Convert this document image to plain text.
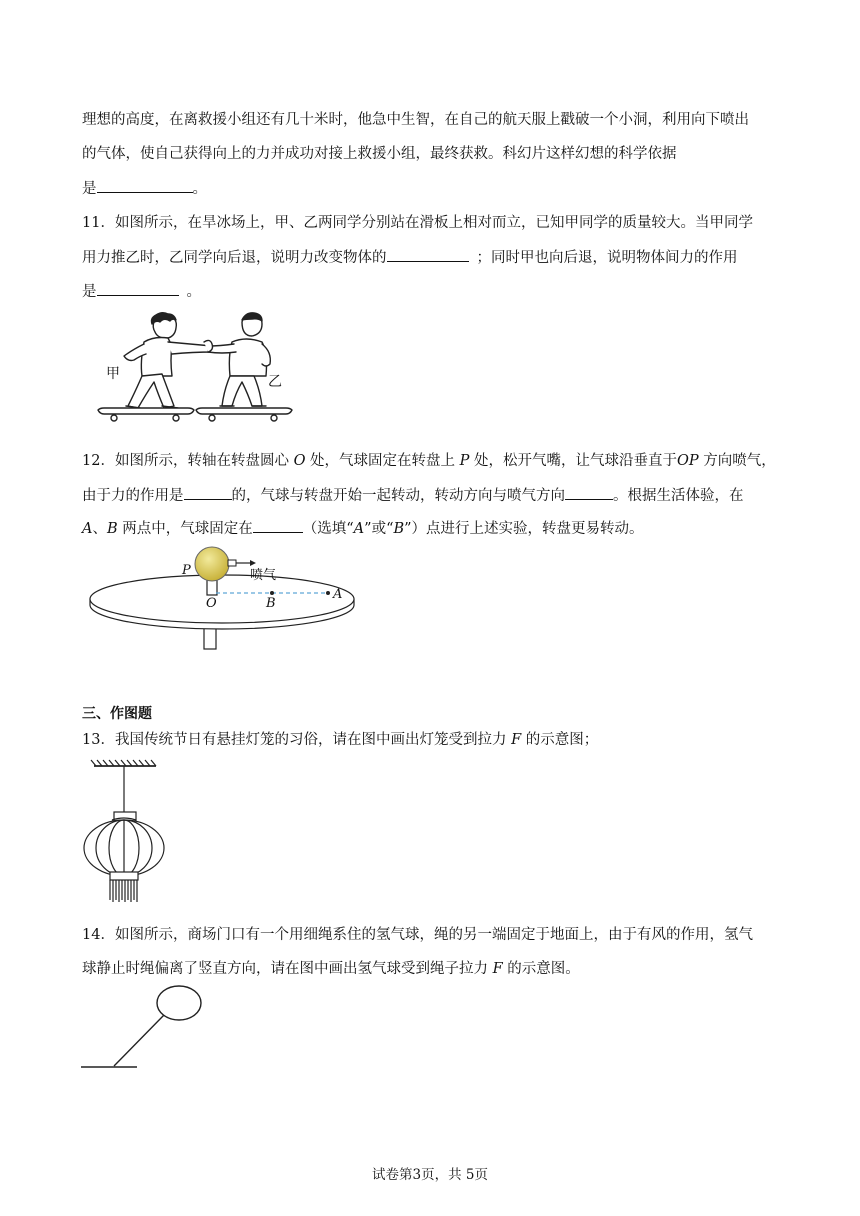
理想的高度，在离救援小组还有几十米时，他急中生智，在自己的航天服上戳破一个小洞，利用向下喷出
的气体，使自己获得向上的力并成功对接上救援小组，最终获救。科幻片这样幻想的科学依据
是	。
11．如图所示，在旱冰场上，甲、乙两同学分别站在滑板上相对而立，已知甲同学的质量较大。当甲同学
用力推乙时，乙同学向后退，说明力改变物体的	；同时甲也向后退，说明物体间力的作用
是	。
甲	乙
12．如图所示，转轴在转盘圆心 O 处，气球固定在转盘上 P 处，松开气嘴，让气球沿垂直于OP 方向喷气，
由于力的作用是	的，气球与转盘开始一起转动，转动方向与喷气方向	。根据生活体验，在
A、B 两点中，气球固定在	（选填“A”或“B”）点进行上述实验，转盘更易转动。
P	喷气
O	B
A
三、作图题
13．我国传统节日有悬挂灯笼的习俗，请在图中画出灯笼受到拉力 F 的示意图；
14．如图所示，商场门口有一个用细绳系住的氢气球，绳的另一端固定于地面上，由于有风的作用，氢气
球静止时绳偏离了竖直方向，请在图中画出氢气球受到绳子拉力 F 的示意图。
试卷第3页，共 5页
